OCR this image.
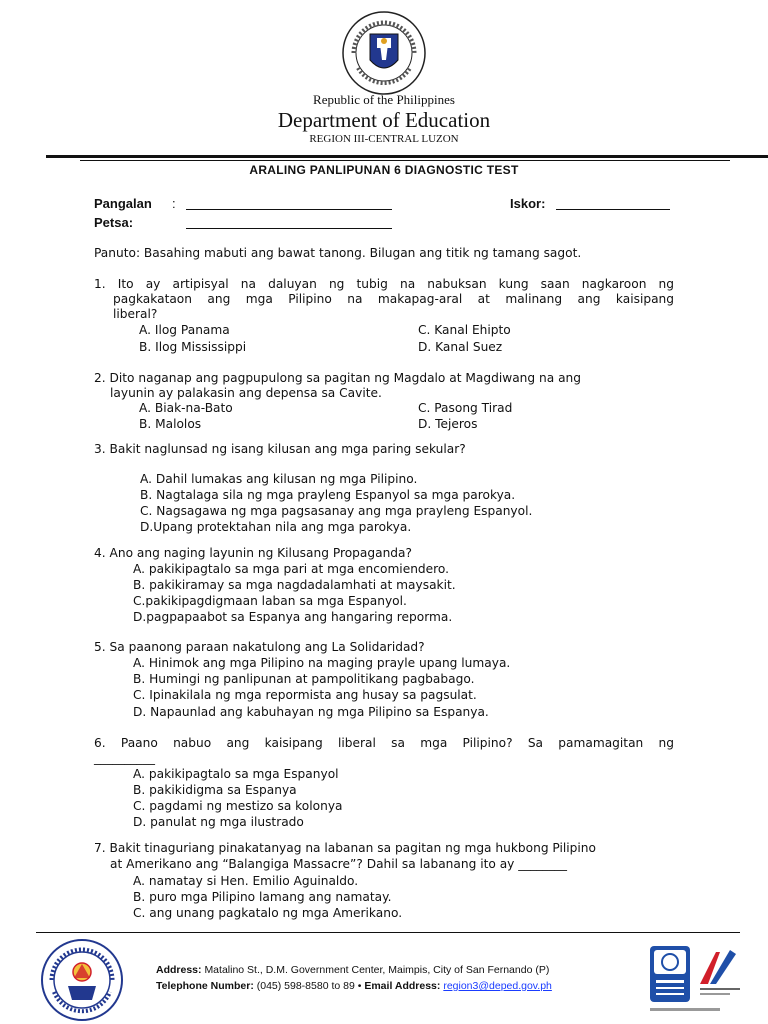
Republic of the Philippines
Department of Education
REGION III-CENTRAL LUZON
ARALING PANLIPUNAN 6 DIAGNOSTIC TEST
Pangalan :	Iskor:
Petsa:
Panuto: Basahing mabuti ang bawat tanong. Bilugan ang titik ng tamang sagot.
1. Ito ay artipisyal na daluyan ng tubig na nabuksan kung saan nagkaroon ng
pagkakataon ang mga Pilipino na makapag-aral at malinang ang kaisipang
liberal?
A. Ilog Panama
B. Ilog Mississippi
C. Kanal Ehipto
D. Kanal Suez
2. Dito naganap ang pagpupulong sa pagitan ng Magdalo at Magdiwang na ang
layunin ay palakasin ang depensa sa Cavite.
A. Biak-na-Bato
B. Malolos
C. Pasong Tirad
D. Tejeros
3. Bakit naglunsad ng isang kilusan ang mga paring sekular?
A. Dahil lumakas ang kilusan ng mga Pilipino.
B. Nagtalaga sila ng mga prayleng Espanyol sa mga parokya.
C. Nagsagawa ng mga pagsasanay ang mga prayleng Espanyol.
D.Upang protektahan nila ang mga parokya.
4. Ano ang naging layunin ng Kilusang Propaganda?
A. pakikipagtalo sa mga pari at mga encomiendero.
B. pakikiramay sa mga nagdadalamhati at maysakit.
C.pakikipagdigmaan laban sa mga Espanyol.
D.pagpapaabot sa Espanya ang hangaring reporma.
5. Sa paanong paraan nakatulong ang La Solidaridad?
A. Hinimok ang mga Pilipino na maging prayle upang lumaya.
B. Humingi ng panlipunan at pampolitikang pagbabago.
C. Ipinakilala ng mga repormista ang husay sa pagsulat.
D. Napaunlad ang kabuhayan ng mga Pilipino sa Espanya.
6. Paano nabuo ang kaisipang liberal sa mga Pilipino? Sa pamamagitan ng
__________
A. pakikipagtalo sa mga Espanyol
B. pakikidigma sa Espanya
C. pagdami ng mestizo sa kolonya
D. panulat ng mga ilustrado
7. Bakit tinaguriang pinakatanyag na labanan sa pagitan ng mga hukbong Pilipino
at Amerikano ang “Balangiga Massacre”? Dahil sa labanang ito ay ________
A. namatay si Hen. Emilio Aguinaldo.
B. puro mga Pilipino lamang ang namatay.
C. ang unang pagkatalo ng mga Amerikano.
Address: Matalino St., D.M. Government Center, Maimpis, City of San Fernando (P)
Telephone Number: (045) 598-8580 to 89 • Email Address: region3@deped.gov.ph
